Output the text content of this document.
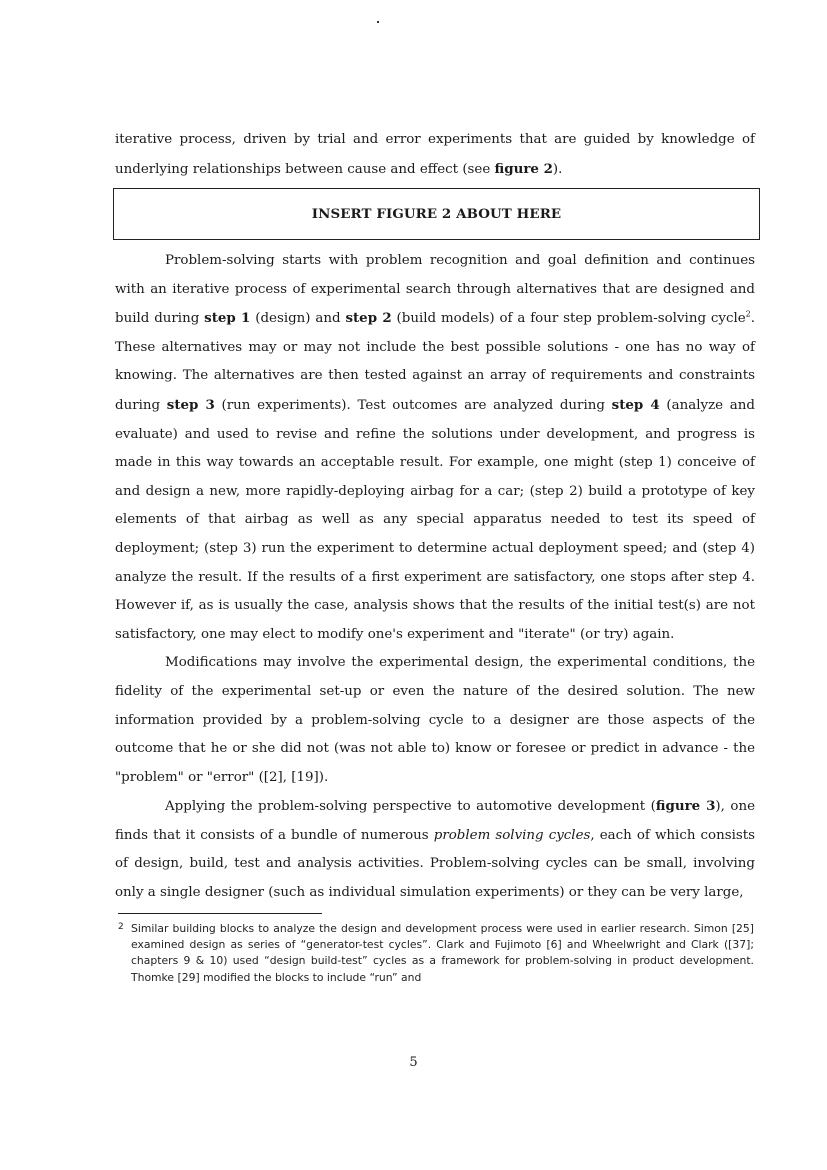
iterative process, driven by trial and error experiments that are guided by knowledge of underlying relationships between cause and effect (see figure 2).

INSERT FIGURE 2 ABOUT HERE

Problem-solving starts with problem recognition and goal definition and continues with an iterative process of experimental search through alternatives that are designed and build during step 1 (design) and step 2 (build models) of a four step problem-solving cycle$^2$. These alternatives may or may not include the best possible solutions - one has no way of knowing. The alternatives are then tested against an array of requirements and constraints during step 3 (run experiments). Test outcomes are analyzed during step 4 (analyze and evaluate) and used to revise and refine the solutions under development, and progress is made in this way towards an acceptable result. For example, one might (step 1) conceive of and design a new, more rapidly-deploying airbag for a car; (step 2) build a prototype of key elements of that airbag as well as any special apparatus needed to test its speed of deployment; (step 3) run the experiment to determine actual deployment speed; and (step 4) analyze the result. If the results of a first experiment are satisfactory, one stops after step 4. However if, as is usually the case, analysis shows that the results of the initial test(s) are not satisfactory, one may elect to modify one's experiment and "iterate" (or try) again.

Modifications may involve the experimental design, the experimental conditions, the fidelity of the experimental set-up or even the nature of the desired solution. The new information provided by a problem-solving cycle to a designer are those aspects of the outcome that he or she did not (was not able to) know or foresee or predict in advance - the "problem" or "error" ([2], [19]).

Applying the problem-solving perspective to automotive development (figure 3), one finds that it consists of a bundle of numerous problem solving cycles, each of which consists of design, build, test and analysis activities. Problem-solving cycles can be small, involving only a single designer (such as individual simulation experiments) or they can be very large,

2 Similar building blocks to analyze the design and development process were used in earlier research. Simon [25] examined design as series of “generator-test cycles”. Clark and Fujimoto [6] and Wheelwright and Clark ([37]; chapters 9 & 10) used “design build-test” cycles as a framework for problem-solving in product development. Thomke [29] modified the blocks to include “run” and
5
